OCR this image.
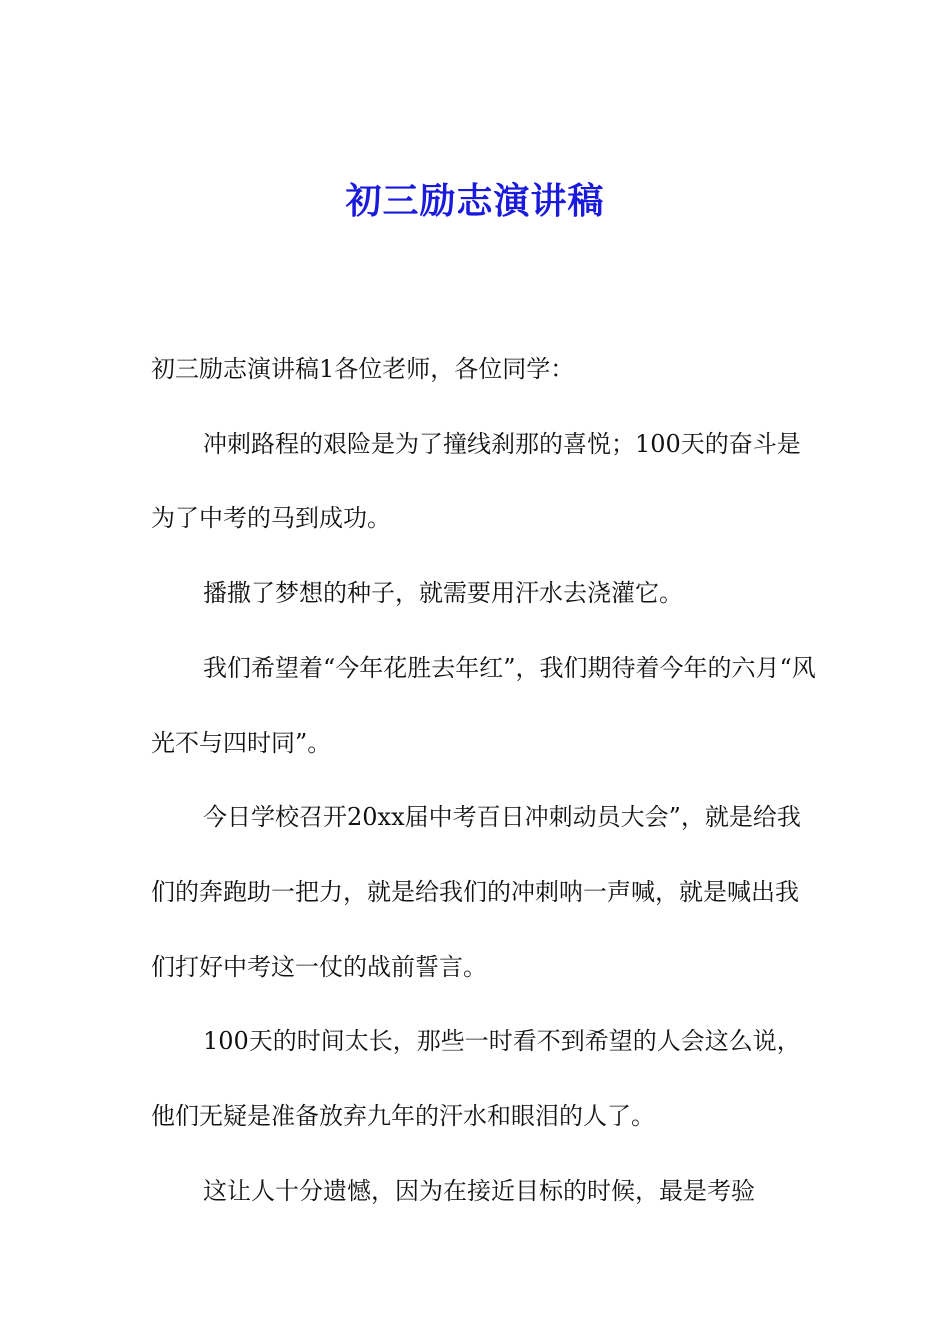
初三励志演讲稿

初三励志演讲稿1各位老师，各位同学：

冲刺路程的艰险是为了撞线刹那的喜悦；100天的奋斗是为了中考的马到成功。

播撒了梦想的种子，就需要用汗水去浇灌它。

我们希望着“今年花胜去年红”，我们期待着今年的六月“风光不与四时同”。

今日学校召开20xx届中考百日冲刺动员大会”，就是给我们的奔跑助一把力，就是给我们的冲刺呐一声喊，就是喊出我们打好中考这一仗的战前誓言。

100天的时间太长，那些一时看不到希望的人会这么说，他们无疑是准备放弃九年的汗水和眼泪的人了。

这让人十分遗憾，因为在接近目标的时候，最是考验
